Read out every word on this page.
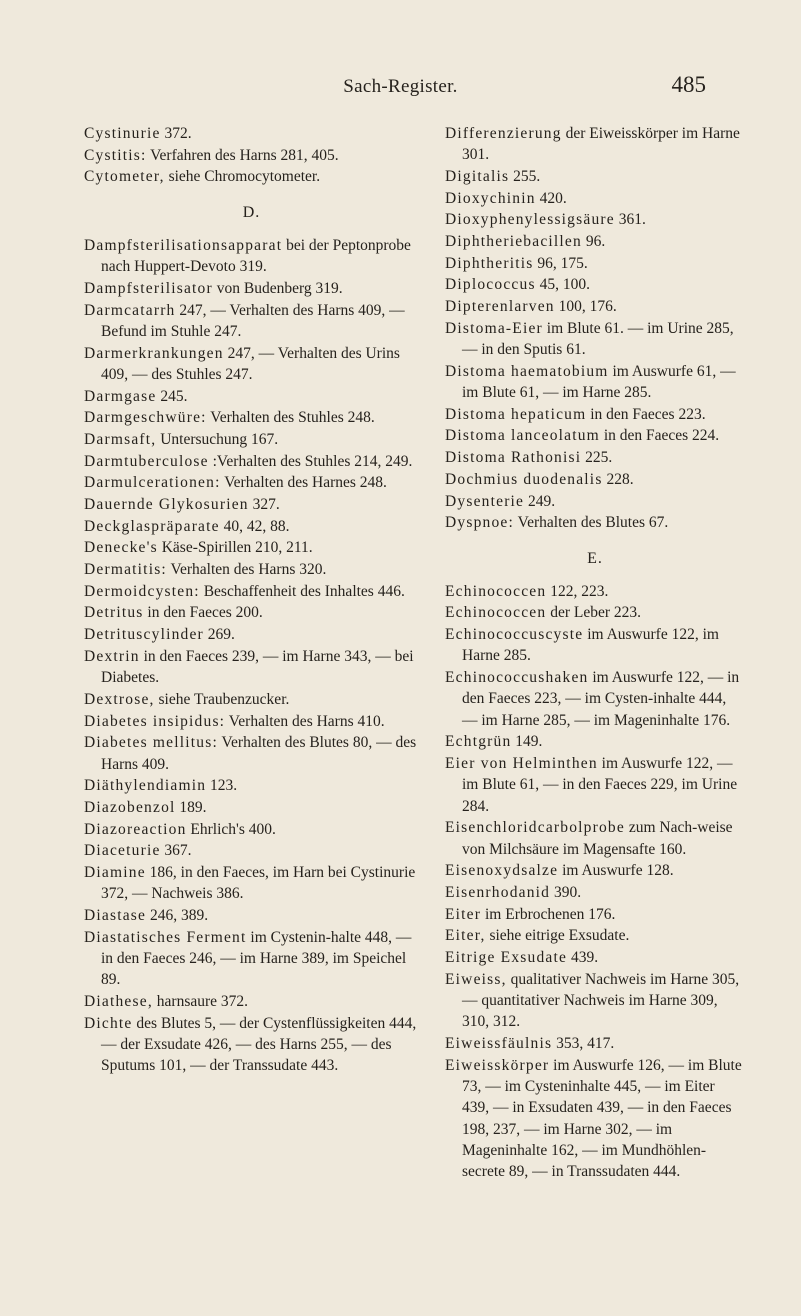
Sach-Register.	485
Cystinurie 372.
Cystitis: Verfahren des Harns 281, 405.
Cytometer, siehe Chromocytometer.
D.
Dampfsterilisationsapparat bei der Peptonprobe nach Huppert-Devoto 319.
Dampfsterilisator von Budenberg 319.
Darmcatarrh 247, — Verhalten des Harns 409, — Befund im Stuhle 247.
Darmerkrankungen 247, — Verhalten des Urins 409, — des Stuhles 247.
Darmgase 245.
Darmgeschwüre: Verhalten des Stuhles 248.
Darmsaft, Untersuchung 167.
Darmtuberculose :Verhalten des Stuhles 214, 249.
Darmulcerationen: Verhalten des Harnes 248.
Dauernde Glykosurien 327.
Deckglaspräparate 40, 42, 88.
Denecke's Käse-Spirillen 210, 211.
Dermatitis: Verhalten des Harns 320.
Dermoidcysten: Beschaffenheit des Inhaltes 446.
Detritus in den Faeces 200.
Detrituscylinder 269.
Dextrin in den Faeces 239, — im Harne 343, — bei Diabetes.
Dextrose, siehe Traubenzucker.
Diabetes insipidus: Verhalten des Harns 410.
Diabetes mellitus: Verhalten des Blutes 80, — des Harns 409.
Diäthylendiamin 123.
Diazobenzol 189.
Diazoreaction Ehrlich's 400.
Diaceturie 367.
Diamine 186, in den Faeces, im Harn bei Cystinurie 372, — Nachweis 386.
Diastase 246, 389.
Diastatisches Ferment im Cystenin-halte 448, — in den Faeces 246, — im Harne 389, im Speichel 89.
Diathese, harnsaure 372.
Dichte des Blutes 5, — der Cystenflüssigkeiten 444, — der Exsudate 426, — des Harns 255, — des Sputums 101, — der Transsudate 443.
Differenzierung der Eiweisskörper im Harne 301.
Digitalis 255.
Dioxychinin 420.
Dioxyphenylessigsäure 361.
Diphtheriebacillen 96.
Diphtheritis 96, 175.
Diplococcus 45, 100.
Dipterenlarven 100, 176.
Distoma-Eier im Blute 61. — im Urine 285, — in den Sputis 61.
Distoma haematobium im Auswurfe 61, — im Blute 61, — im Harne 285.
Distoma hepaticum in den Faeces 223.
Distoma lanceolatum in den Faeces 224.
Distoma Rathonisi 225.
Dochmius duodenalis 228.
Dysenterie 249.
Dyspnoe: Verhalten des Blutes 67.
E.
Echinococcen 122, 223.
Echinococcen der Leber 223.
Echinococcuscyste im Auswurfe 122, im Harne 285.
Echinococcushaken im Auswurfe 122, — in den Faeces 223, — im Cysten-inhalte 444, — im Harne 285, — im Mageninhalte 176.
Echtgrün 149.
Eier von Helminthen im Auswurfe 122, — im Blute 61, — in den Faeces 229, im Urine 284.
Eisenchloridcarbolprobe zum Nach-weise von Milchsäure im Magensafte 160.
Eisenoxydsalze im Auswurfe 128.
Eisenrhodanid 390.
Eiter im Erbrochenen 176.
Eiter, siehe eitrige Exsudate.
Eitrige Exsudate 439.
Eiweiss, qualitativer Nachweis im Harne 305, — quantitativer Nachweis im Harne 309, 310, 312.
Eiweissfäulnis 353, 417.
Eiweisskörper im Auswurfe 126, — im Blute 73, — im Cysteninhalte 445, — im Eiter 439, — in Exsudaten 439, — in den Faeces 198, 237, — im Harne 302, — im Mageninhalte 162, — im Mundhöhlen-secrete 89, — in Transsudaten 444.
